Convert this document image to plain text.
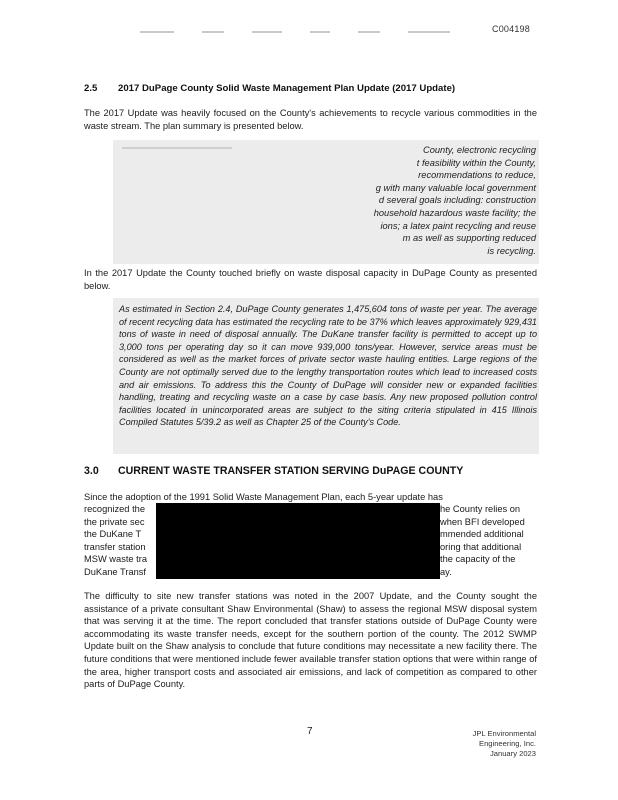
C004198
2.5 2017 DuPage County Solid Waste Management Plan Update (2017 Update)
The 2017 Update was heavily focused on the County's achievements to recycle various commodities in the waste stream. The plan summary is presented below.
County, electronic recycling
t feasibility within the County,
recommendations to reduce,
g with many valuable local government
d several goals including: construction
household hazardous waste facility; the
ions; a latex paint recycling and reuse
m as well as supporting reduced
is recycling.
In the 2017 Update the County touched briefly on waste disposal capacity in DuPage County as presented below.
As estimated in Section 2.4, DuPage County generates 1,475,604 tons of waste per year. The average of recent recycling data has estimated the recycling rate to be 37% which leaves approximately 929,431 tons of waste in need of disposal annually. The DuKane transfer facility is permitted to accept up to 3,000 tons per operating day so it can move 939,000 tons/year. However, service areas must be considered as well as the market forces of private sector waste hauling entities. Large regions of the County are not optimally served due to the lengthy transportation routes which lead to increased costs and air emissions. To address this the County of DuPage will consider new or expanded facilities handling, treating and recycling waste on a case by case basis. Any new proposed pollution control facilities located in unincorporated areas are subject to the siting criteria stipulated in 415 Illinois Compiled Statutes 5/39.2 as well as Chapter 25 of the County's Code.
3.0 CURRENT WASTE TRANSFER STATION SERVING DuPAGE COUNTY
Since the adoption of the 1991 Solid Waste Management Plan, each 5-year update has
recognized the
the private sec
the DuKane T
transfer station
MSW waste tra
DuKane Transf
he County relies on
when BFI developed
mmended additional
oring that additional
the capacity of the
ay.
The difficulty to site new transfer stations was noted in the 2007 Update, and the County sought the assistance of a private consultant Shaw Environmental (Shaw) to assess the regional MSW disposal system that was serving it at the time. The report concluded that transfer stations outside of DuPage County were accommodating its waste transfer needs, except for the southern portion of the county. The 2012 SWMP Update built on the Shaw analysis to conclude that future conditions may necessitate a new facility there. The future conditions that were mentioned include fewer available transfer station options that were within range of the area, higher transport costs and associated air emissions, and lack of competition as compared to other parts of DuPage County.
7	JPL Environmental Engineering, Inc.
January 2023
